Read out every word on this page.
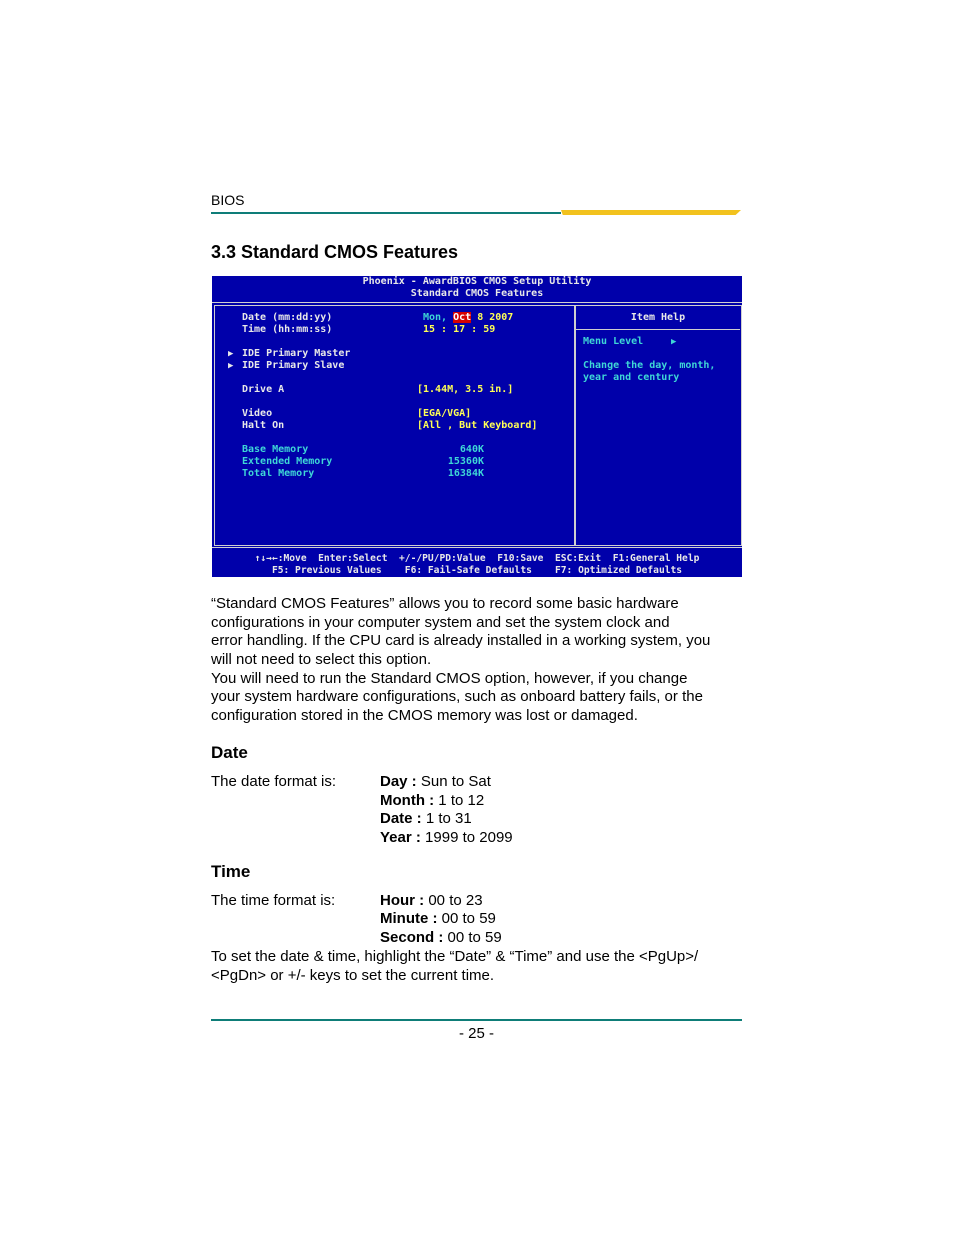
BIOS
3.3 Standard CMOS Features
Phoenix - AwardBIOS CMOS Setup Utility
Standard CMOS Features
Date (mm:dd:yy)	Mon, Oct 8 2007
Time (hh:mm:ss)	15 : 17 : 59
▶ IDE Primary Master
▶ IDE Primary Slave
Drive A	[1.44M, 3.5 in.]
Video	[EGA/VGA]
Halt On	[All , But Keyboard]
Base Memory	640K
Extended Memory	15360K
Total Memory	16384K
Item Help
Menu Level	▶
Change the day, month,
year and century
↑↓→←:Move  Enter:Select  +/-/PU/PD:Value  F10:Save  ESC:Exit  F1:General Help
F5: Previous Values    F6: Fail-Safe Defaults    F7: Optimized Defaults
“Standard CMOS Features” allows you to record some basic hardware
configurations in your computer system and set the system clock and
error handling. If the CPU card is already installed in a working system, you
will not need to select this option.
You will need to run the Standard CMOS option, however, if you change
your system hardware configurations, such as onboard battery fails, or the
configuration stored in the CMOS memory was lost or damaged.
Date
The date format is:	Day : Sun to Sat
Month : 1 to 12
Date : 1 to 31
Year : 1999 to 2099
Time
The time format is:	Hour : 00 to 23
Minute : 00 to 59
Second : 00 to 59
To set the date & time, highlight the “Date” & “Time” and use the <PgUp>/
<PgDn> or +/- keys to set the current time.
- 25 -
